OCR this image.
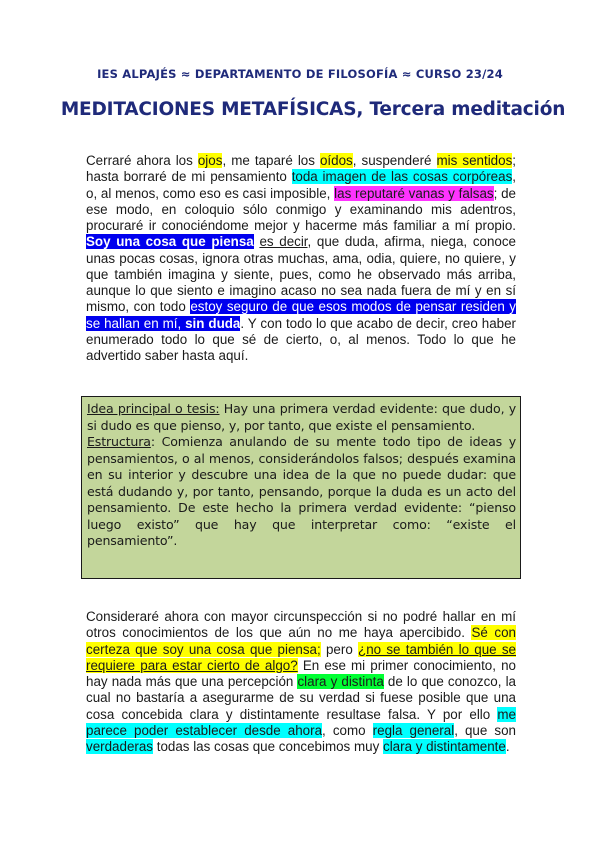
IES ALPAJÉS ≈ DEPARTAMENTO DE FILOSOFÍA ≈ CURSO 23/24
MEDITACIONES METAFÍSICAS, Tercera meditación
Cerraré ahora los ojos, me taparé los oídos, suspenderé mis sentidos; hasta borraré de mi pensamiento toda imagen de las cosas corpóreas, o, al menos, como eso es casi imposible, las reputaré vanas y falsas; de ese modo, en coloquio sólo conmigo y examinando mis adentros, procuraré ir conociéndome mejor y hacerme más familiar a mí propio. Soy una cosa que piensa es decir, que duda, afirma, niega, conoce unas pocas cosas, ignora otras muchas, ama, odia, quiere, no quiere, y que también imagina y siente, pues, como he observado más arriba, aunque lo que siento e imagino acaso no sea nada fuera de mí y en sí mismo, con todo estoy seguro de que esos modos de pensar residen y se hallan en mí, sin duda. Y con todo lo que acabo de decir, creo haber enumerado todo lo que sé de cierto, o, al menos. Todo lo que he advertido saber hasta aquí.
Idea principal o tesis: Hay una primera verdad evidente: que dudo, y si dudo es que pienso, y, por tanto, que existe el pensamiento.
Estructura: Comienza anulando de su mente todo tipo de ideas y pensamientos, o al menos, considerándolos falsos; después examina en su interior y descubre una idea de la que no puede dudar: que está dudando y, por tanto, pensando, porque la duda es un acto del pensamiento. De este hecho la primera verdad evidente: “pienso luego existo” que hay que interpretar como: “existe el pensamiento”.
Consideraré ahora con mayor circunspección si no podré hallar en mí otros conocimientos de los que aún no me haya apercibido. Sé con certeza que soy una cosa que piensa; pero ¿no se también lo que se requiere para estar cierto de algo? En ese mi primer conocimiento, no hay nada más que una percepción clara y distinta de lo que conozco, la cual no bastaría a asegurarme de su verdad si fuese posible que una cosa concebida clara y distintamente resultase falsa. Y por ello me parece poder establecer desde ahora, como regla general, que son verdaderas todas las cosas que concebimos muy clara y distintamente.
